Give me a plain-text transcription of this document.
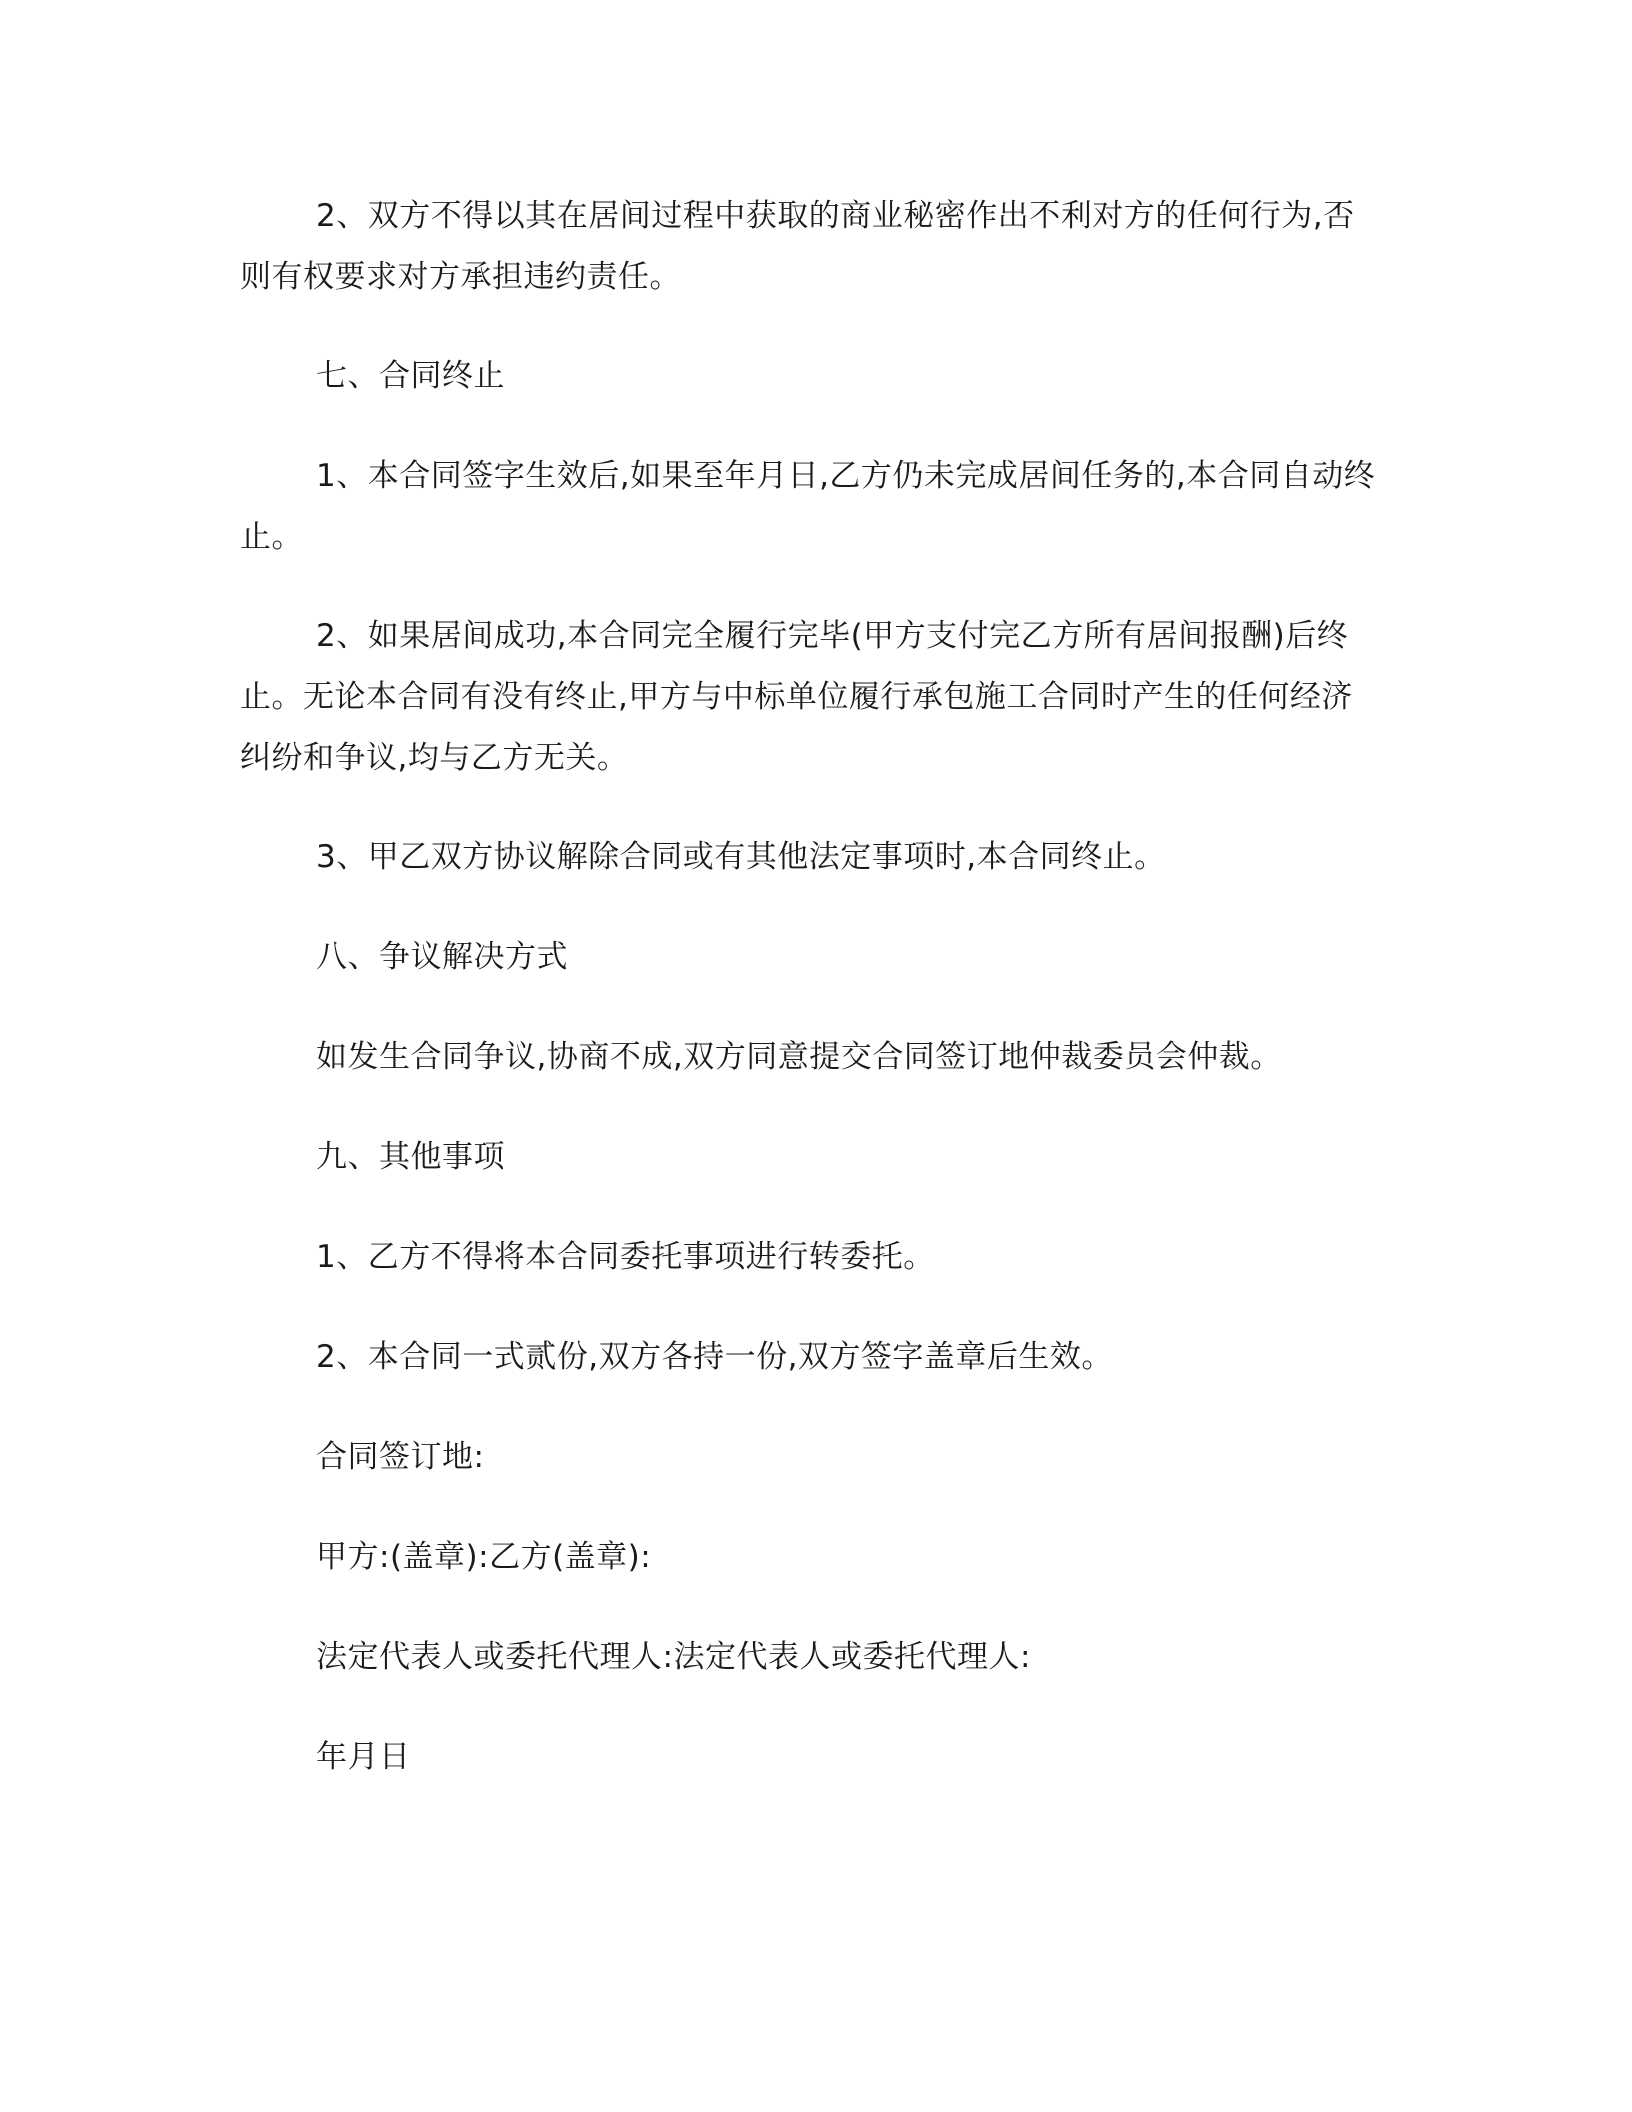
2、双方不得以其在居间过程中获取的商业秘密作出不利对方的任何行为,否
则有权要求对方承担违约责任。
七、合同终止
1、本合同签字生效后,如果至年月日,乙方仍未完成居间任务的,本合同自动终
止。
2、如果居间成功,本合同完全履行完毕(甲方支付完乙方所有居间报酬)后终
止。无论本合同有没有终止,甲方与中标单位履行承包施工合同时产生的任何经济
纠纷和争议,均与乙方无关。
3、甲乙双方协议解除合同或有其他法定事项时,本合同终止。
八、争议解决方式
如发生合同争议,协商不成,双方同意提交合同签订地仲裁委员会仲裁。
九、其他事项
1、乙方不得将本合同委托事项进行转委托。
2、本合同一式贰份,双方各持一份,双方签字盖章后生效。
合同签订地:
甲方:(盖章):乙方(盖章):
法定代表人或委托代理人:法定代表人或委托代理人:
年月日
